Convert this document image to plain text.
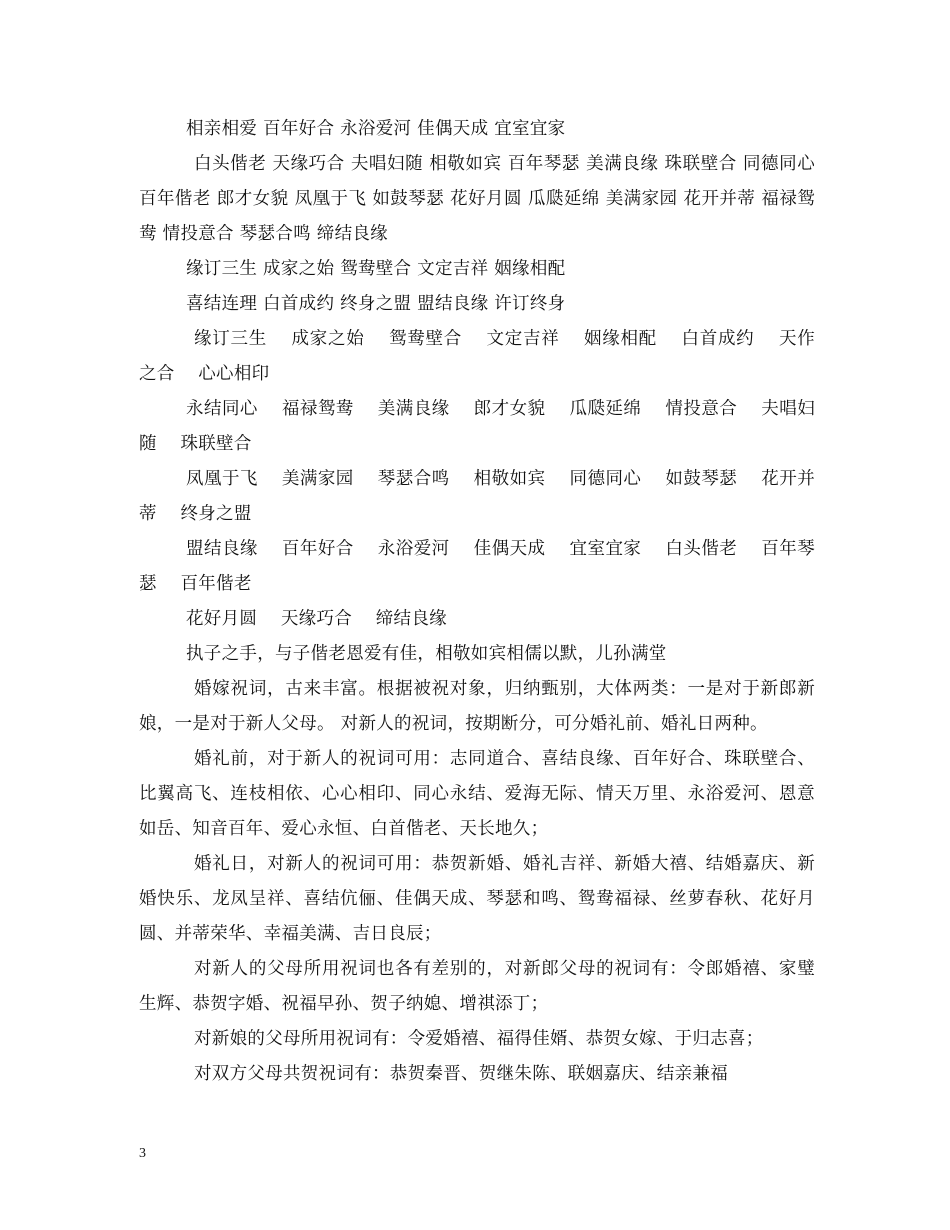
相亲相爱 百年好合 永浴爱河 佳偶天成 宜室宜家

白头偕老 天缘巧合 夫唱妇随 相敬如宾 百年琴瑟 美满良缘 珠联壁合 同德同心 百年偕老 郎才女貌 凤凰于飞 如鼓琴瑟 花好月圆 瓜瓞延绵 美满家园 花开并蒂 福禄鸳鸯 情投意合 琴瑟合鸣 缔结良缘

缘订三生 成家之始 鸳鸯壁合 文定吉祥 姻缘相配

喜结连理 白首成约 终身之盟 盟结良缘 许订终身

缘订三生　 成家之始　 鸳鸯壁合　 文定吉祥　 姻缘相配　 白首成约　 天作之合　 心心相印

永结同心　 福禄鸳鸯　 美满良缘　 郎才女貌　 瓜瓞延绵　 情投意合　 夫唱妇随　 珠联壁合

凤凰于飞　 美满家园　 琴瑟合鸣　 相敬如宾　 同德同心　 如鼓琴瑟　 花开并蒂　 终身之盟

盟结良缘　 百年好合　 永浴爱河　 佳偶天成　 宜室宜家　 白头偕老　 百年琴瑟　 百年偕老

花好月圆　 天缘巧合　 缔结良缘

执子之手，与子偕老恩爱有佳，相敬如宾相儒以默，儿孙满堂

婚嫁祝词，古来丰富。根据被祝对象，归纳甄别，大体两类：一是对于新郎新娘，一是对于新人父母。 对新人的祝词，按期断分，可分婚礼前、婚礼日两种。

婚礼前，对于新人的祝词可用：志同道合、喜结良缘、百年好合、珠联壁合、比翼高飞、连枝相依、心心相印、同心永结、爱海无际、情天万里、永浴爱河、恩意如岳、知音百年、爱心永恒、白首偕老、天长地久；

婚礼日，对新人的祝词可用：恭贺新婚、婚礼吉祥、新婚大禧、结婚嘉庆、新婚快乐、龙凤呈祥、喜结伉俪、佳偶天成、琴瑟和鸣、鸳鸯福禄、丝萝春秋、花好月圆、并蒂荣华、幸福美满、吉日良辰；

对新人的父母所用祝词也各有差别的，对新郎父母的祝词有：令郎婚禧、家璧生辉、恭贺字婚、祝福早孙、贺子纳媳、增祺添丁；

对新娘的父母所用祝词有：令爱婚禧、福得佳婿、恭贺女嫁、于归志喜；

对双方父母共贺祝词有：恭贺秦晋、贺继朱陈、联姻嘉庆、结亲兼福

3
